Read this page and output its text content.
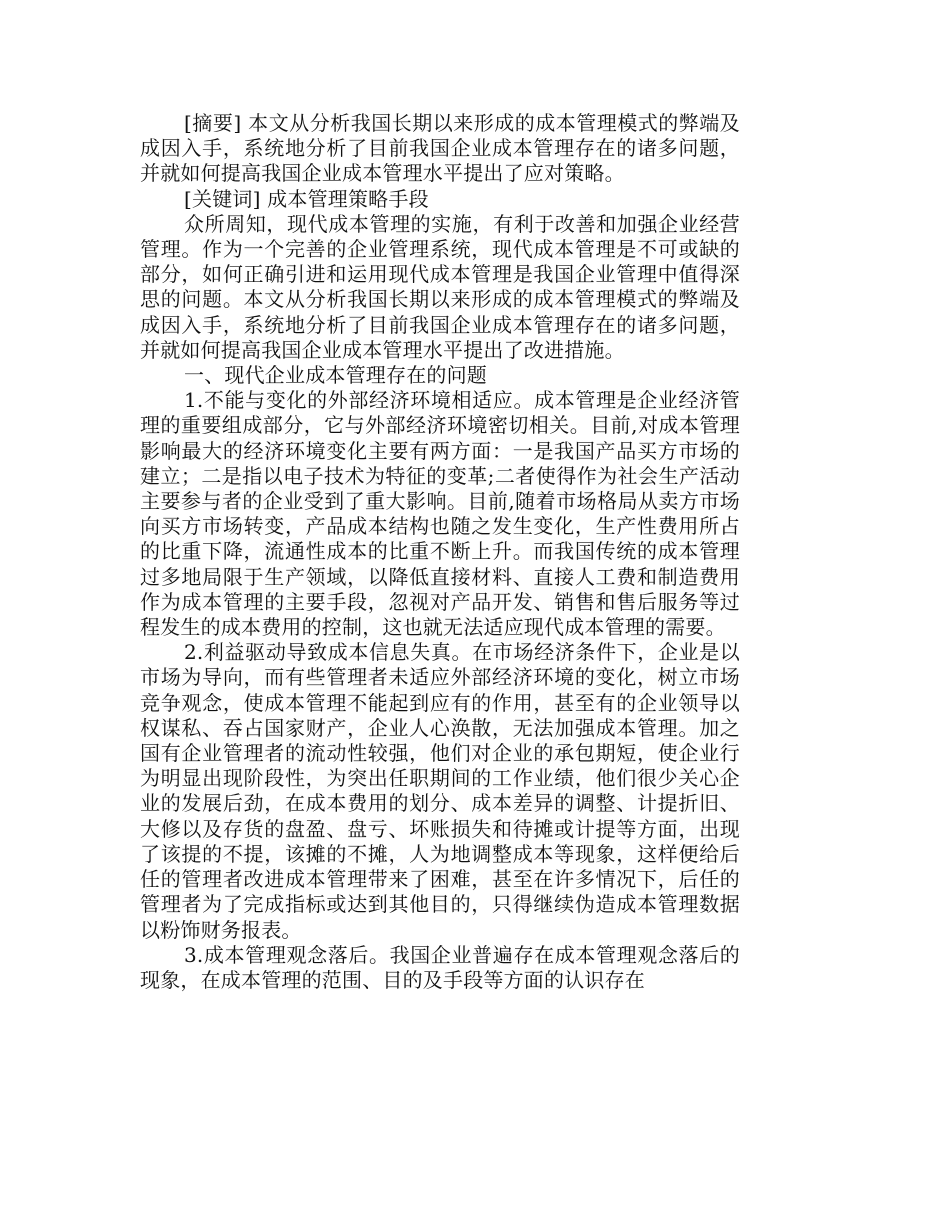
[摘要] 本文从分析我国长期以来形成的成本管理模式的弊端及成因入手，系统地分析了目前我国企业成本管理存在的诸多问题，并就如何提高我国企业成本管理水平提出了应对策略。

[关键词] 成本管理策略手段

众所周知，现代成本管理的实施，有利于改善和加强企业经营管理。作为一个完善的企业管理系统，现代成本管理是不可或缺的部分，如何正确引进和运用现代成本管理是我国企业管理中值得深思的问题。本文从分析我国长期以来形成的成本管理模式的弊端及成因入手，系统地分析了目前我国企业成本管理存在的诸多问题，并就如何提高我国企业成本管理水平提出了改进措施。

一、现代企业成本管理存在的问题

1.不能与变化的外部经济环境相适应。成本管理是企业经济管理的重要组成部分，它与外部经济环境密切相关。目前,对成本管理影响最大的经济环境变化主要有两方面：一是我国产品买方市场的建立；二是指以电子技术为特征的变革;二者使得作为社会生产活动主要参与者的企业受到了重大影响。目前,随着市场格局从卖方市场向买方市场转变，产品成本结构也随之发生变化，生产性费用所占的比重下降，流通性成本的比重不断上升。而我国传统的成本管理过多地局限于生产领域，以降低直接材料、直接人工费和制造费用作为成本管理的主要手段，忽视对产品开发、销售和售后服务等过程发生的成本费用的控制，这也就无法适应现代成本管理的需要。

2.利益驱动导致成本信息失真。在市场经济条件下，企业是以市场为导向，而有些管理者未适应外部经济环境的变化，树立市场竞争观念，使成本管理不能起到应有的作用，甚至有的企业领导以权谋私、吞占国家财产，企业人心涣散，无法加强成本管理。加之国有企业管理者的流动性较强，他们对企业的承包期短，使企业行为明显出现阶段性，为突出任职期间的工作业绩，他们很少关心企业的发展后劲，在成本费用的划分、成本差异的调整、计提折旧、大修以及存货的盘盈、盘亏、坏账损失和待摊或计提等方面，出现了该提的不提，该摊的不摊，人为地调整成本等现象，这样便给后任的管理者改进成本管理带来了困难，甚至在许多情况下，后任的管理者为了完成指标或达到其他目的，只得继续伪造成本管理数据以粉饰财务报表。

3.成本管理观念落后。我国企业普遍存在成本管理观念落后的现象，在成本管理的范围、目的及手段等方面的认识存在
